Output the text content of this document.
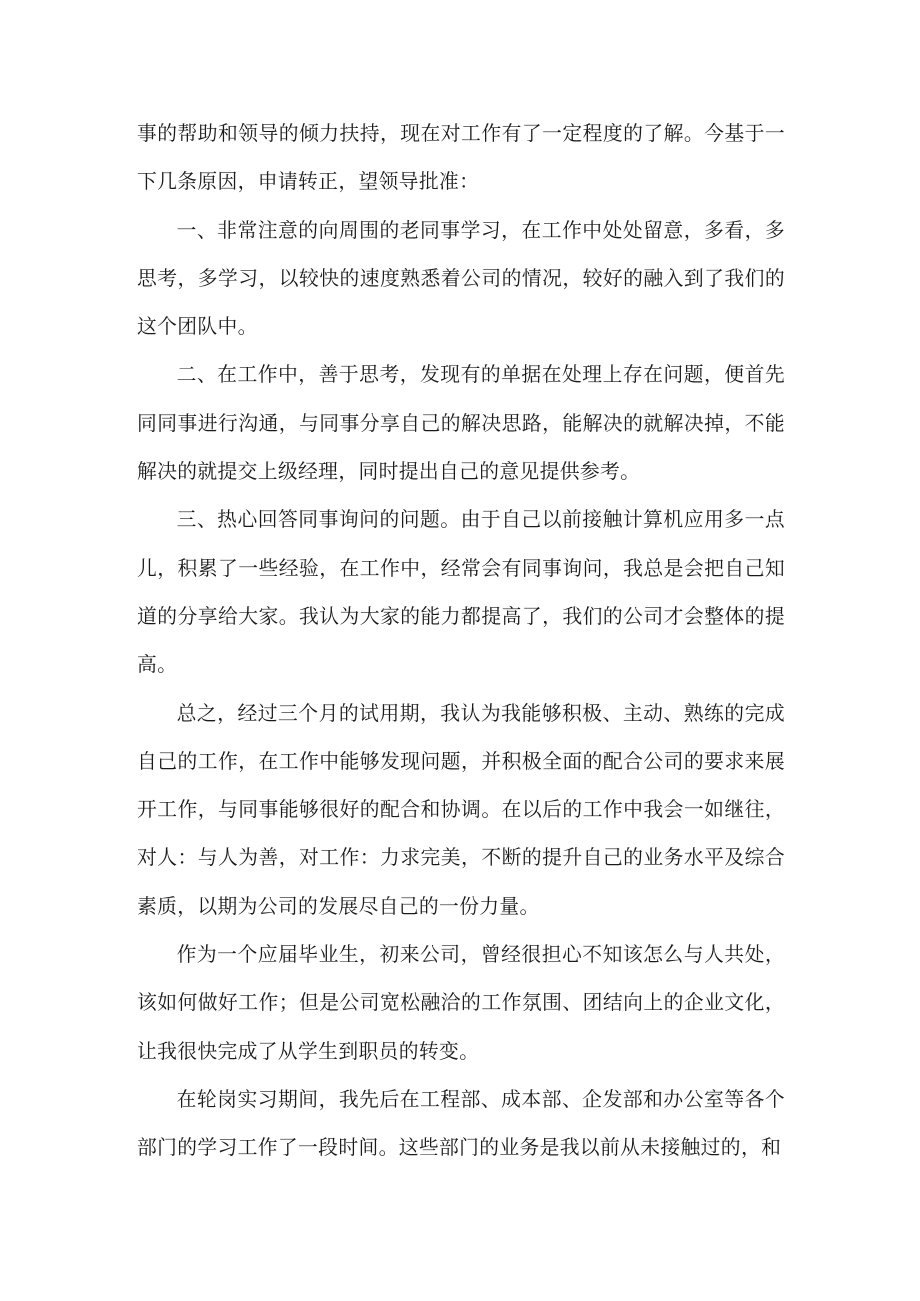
事的帮助和领导的倾力扶持，现在对工作有了一定程度的了解。今基于一下几条原因，申请转正，望领导批准：

一、非常注意的向周围的老同事学习，在工作中处处留意，多看，多思考，多学习，以较快的速度熟悉着公司的情况，较好的融入到了我们的这个团队中。

二、在工作中，善于思考，发现有的单据在处理上存在问题，便首先同同事进行沟通，与同事分享自己的解决思路，能解决的就解决掉，不能解决的就提交上级经理，同时提出自己的意见提供参考。

三、热心回答同事询问的问题。由于自己以前接触计算机应用多一点儿，积累了一些经验，在工作中，经常会有同事询问，我总是会把自己知道的分享给大家。我认为大家的能力都提高了，我们的公司才会整体的提高。

总之，经过三个月的试用期，我认为我能够积极、主动、熟练的完成自己的工作，在工作中能够发现问题，并积极全面的配合公司的要求来展开工作，与同事能够很好的配合和协调。在以后的工作中我会一如继往，对人：与人为善，对工作：力求完美，不断的提升自己的业务水平及综合素质，以期为公司的发展尽自己的一份力量。

作为一个应届毕业生，初来公司，曾经很担心不知该怎么与人共处，该如何做好工作；但是公司宽松融洽的工作氛围、团结向上的企业文化，让我很快完成了从学生到职员的转变。

在轮岗实习期间，我先后在工程部、成本部、企发部和办公室等各个部门的学习工作了一段时间。这些部门的业务是我以前从未接触过的，和
